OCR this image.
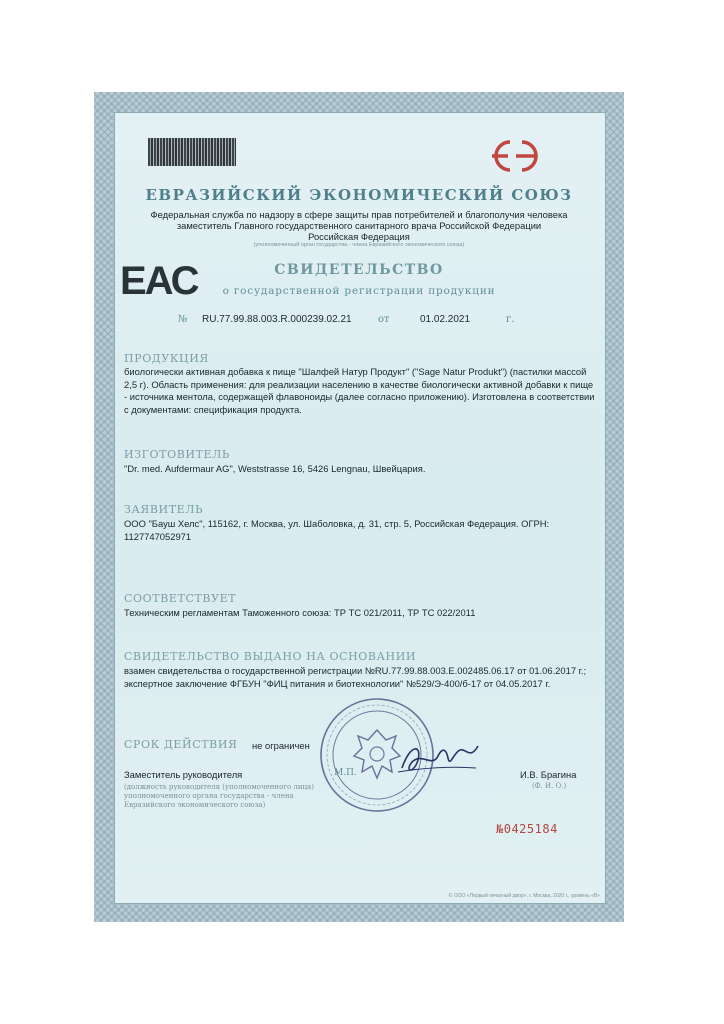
ЕВРАЗИЙСКИЙ ЭКОНОМИЧЕСКИЙ СОЮЗ
Федеральная служба по надзору в сфере защиты прав потребителей и благополучия человека
заместитель Главного государственного санитарного врача Российской Федерации
Российская Федерация
(уполномоченный орган государства - члена Евразийского экономического союза)
ЕАС	СВИДЕТЕЛЬСТВО
о государственной регистрации продукции
№ RU.77.99.88.003.R.000239.02.21	от	01.02.2021	г.
ПРОДУКЦИЯ
биологически активная добавка к пище "Шалфей Натур Продукт" ("Sage Natur Produkt") (пастилки массой 2,5 г). Область применения: для реализации населению в качестве биологически активной добавки к пище - источника ментола, содержащей флавоноиды (далее согласно приложению). Изготовлена в соответствии с документами: спецификация продукта.
ИЗГОТОВИТЕЛЬ
"Dr. med. Aufdermaur AG", Weststrasse 16, 5426 Lengnau, Швейцария.
ЗАЯВИТЕЛЬ
ООО "Бауш Хелс", 115162, г. Москва, ул. Шаболовка, д. 31, стр. 5, Российская Федерация. ОГРН: 1127747052971
СООТВЕТСТВУЕТ
Техническим регламентам Таможенного союза: ТР ТС 021/2011, ТР ТС 022/2011
СВИДЕТЕЛЬСТВО ВЫДАНО НА ОСНОВАНИИ
взамен свидетельства о государственной регистрации №RU.77.99.88.003.Е.002485.06.17 от 01.06.2017 г.; экспертное заключение ФГБУН "ФИЦ питания и биотехнологии" №529/Э-400/б-17 от 04.05.2017 г.
СРОК ДЕЙСТВИЯ не ограничен
Заместитель руководителя	М.П.	И.В. Брагина
(Ф. И. О.)
(должность руководителя (уполномоченного лица) уполномоченного органа государства - члена Евразийского экономического союза)
№0425184
© ООО «Первый печатный двор», г. Москва, 2020 г., уровень «В»
